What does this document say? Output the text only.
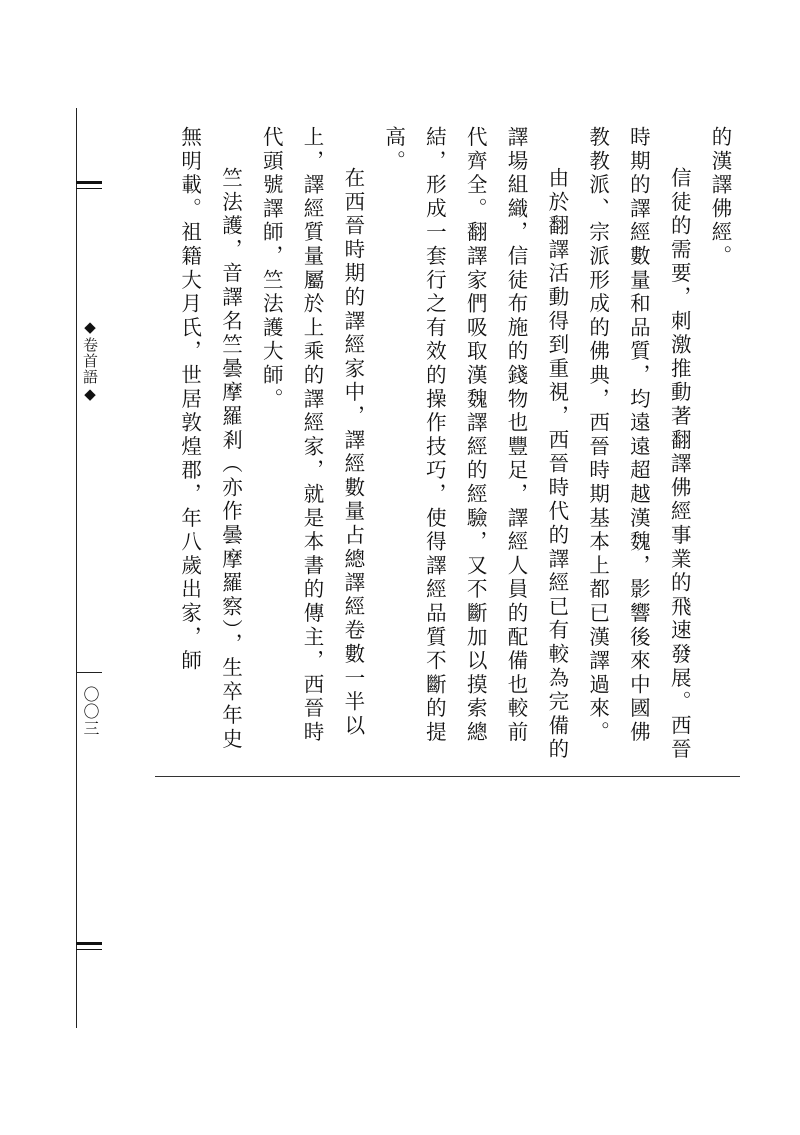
◆卷首語◆
〇〇三

的漢譯佛經。

信徒的需要，刺激推動著翻譯佛經事業的飛速發展。西晉時期的譯經數量和品質，均遠遠超越漢魏，影響後來中國佛教教派、宗派形成的佛典，西晉時期基本上都已漢譯過來。

由於翻譯活動得到重視，西晉時代的譯經已有較為完備的譯場組織，信徒布施的錢物也豐足，譯經人員的配備也較前代齊全。翻譯家們吸取漢魏譯經的經驗，又不斷加以摸索總結，形成一套行之有效的操作技巧，使得譯經品質不斷的提高。

在西晉時期的譯經家中，譯經數量占總譯經卷數一半以上，譯經質量屬於上乘的譯經家，就是本書的傳主，西晉時代頭號譯師，竺法護大師。

竺法護，音譯名竺曇摩羅剎（亦作曇摩羅察），生卒年史無明載。祖籍大月氏，世居敦煌郡，年八歲出家，師
